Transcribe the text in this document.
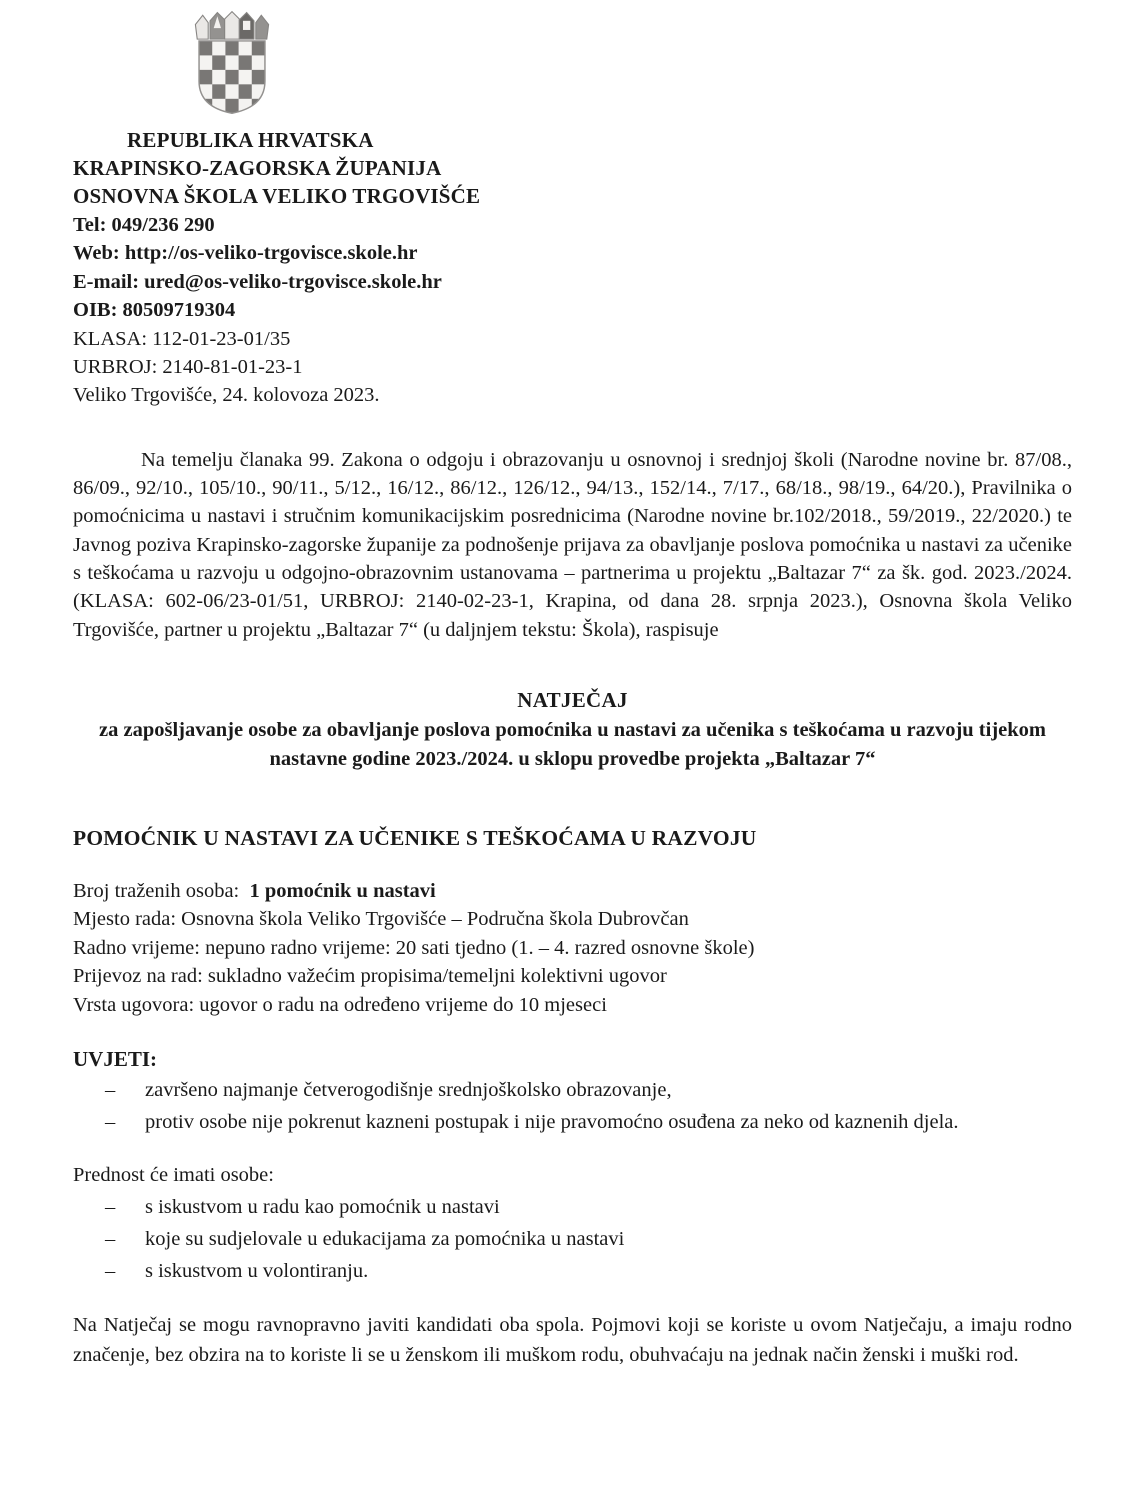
REPUBLIKA HRVATSKA
KRAPINSKO-ZAGORSKA ŽUPANIJA
OSNOVNA ŠKOLA VELIKO TRGOVIŠĆE
Tel: 049/236 290
Web: http://os-veliko-trgovisce.skole.hr
E-mail: ured@os-veliko-trgovisce.skole.hr
OIB: 80509719304
KLASA: 112-01-23-01/35
URBROJ: 2140-81-01-23-1
Veliko Trgovišće, 24. kolovoza 2023.

Na temelju članaka 99. Zakona o odgoju i obrazovanju u osnovnoj i srednjoj školi (Narodne novine br. 87/08., 86/09., 92/10., 105/10., 90/11., 5/12., 16/12., 86/12., 126/12., 94/13., 152/14., 7/17., 68/18., 98/19., 64/20.), Pravilnika o pomoćnicima u nastavi i stručnim komunikacijskim posrednicima (Narodne novine br.102/2018., 59/2019., 22/2020.) te Javnog poziva Krapinsko-zagorske županije za podnošenje prijava za obavljanje poslova pomoćnika u nastavi za učenike s teškoćama u razvoju u odgojno-obrazovnim ustanovama – partnerima u projektu „Baltazar 7“ za šk. god. 2023./2024. (KLASA: 602-06/23-01/51, URBROJ: 2140-02-23-1, Krapina, od dana 28. srpnja 2023.), Osnovna škola Veliko Trgovišće, partner u projektu „Baltazar 7“ (u daljnjem tekstu: Škola), raspisuje

NATJEČAJ
za zapošljavanje osobe za obavljanje poslova pomoćnika u nastavi za učenika s teškoćama u razvoju tijekom nastavne godine 2023./2024. u sklopu provedbe projekta „Baltazar 7“
POMOĆNIK U NASTAVI ZA UČENIKE S TEŠKOĆAMA U RAZVOJU
Broj traženih osoba: 1 pomoćnik u nastavi
Mjesto rada: Osnovna škola Veliko Trgovišće – Područna škola Dubrovčan
Radno vrijeme: nepuno radno vrijeme: 20 sati tjedno (1. – 4. razred osnovne škole)
Prijevoz na rad: sukladno važećim propisima/temeljni kolektivni ugovor
Vrsta ugovora: ugovor o radu na određeno vrijeme do 10 mjeseci
UVJETI:
–	završeno najmanje četverogodišnje srednjoškolsko obrazovanje,
–	protiv osobe nije pokrenut kazneni postupak i nije pravomoćno osuđena za neko od kaznenih djela.
Prednost će imati osobe:
–	s iskustvom u radu kao pomoćnik u nastavi
–	koje su sudjelovale u edukacijama za pomoćnika u nastavi
–	s iskustvom u volontiranju.

Na Natječaj se mogu ravnopravno javiti kandidati oba spola. Pojmovi koji se koriste u ovom Natječaju, a imaju rodno značenje, bez obzira na to koriste li se u ženskom ili muškom rodu, obuhvaćaju na jednak način ženski i muški rod.
